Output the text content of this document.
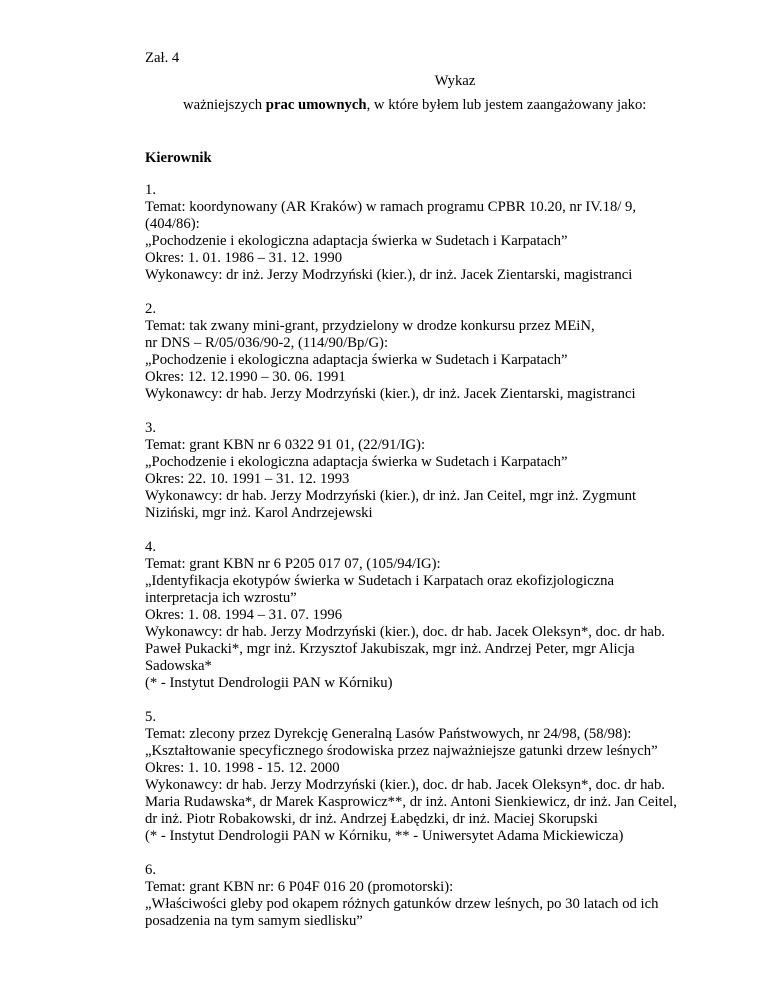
Zał. 4

Wykaz

ważniejszych prac umownych, w które byłem lub jestem zaangażowany jako:

Kierownik

1.

Temat: koordynowany (AR Kraków) w ramach programu CPBR 10.20, nr IV.18/ 9,

(404/86):

„Pochodzenie i ekologiczna adaptacja świerka w Sudetach i Karpatach”

Okres: 1. 01. 1986 – 31. 12. 1990

Wykonawcy: dr inż. Jerzy Modrzyński (kier.), dr inż. Jacek Zientarski, magistranci

2.

Temat: tak zwany mini-grant, przydzielony w drodze konkursu przez MEiN,

nr DNS – R/05/036/90-2, (114/90/Bp/G):

„Pochodzenie i ekologiczna adaptacja świerka w Sudetach i Karpatach”

Okres: 12. 12.1990 – 30. 06. 1991

Wykonawcy: dr hab. Jerzy Modrzyński (kier.), dr inż. Jacek Zientarski, magistranci

3.

Temat: grant KBN nr 6 0322 91 01, (22/91/IG):

„Pochodzenie i ekologiczna adaptacja świerka w Sudetach i Karpatach”

Okres: 22. 10. 1991 – 31. 12. 1993

Wykonawcy: dr hab. Jerzy Modrzyński (kier.), dr inż. Jan Ceitel, mgr inż. Zygmunt

Niziński, mgr inż. Karol Andrzejewski

4.

Temat: grant KBN nr 6 P205 017 07, (105/94/IG):

„Identyfikacja ekotypów świerka w Sudetach i Karpatach oraz ekofizjologiczna

interpretacja ich wzrostu”

Okres: 1. 08. 1994 – 31. 07. 1996

Wykonawcy: dr hab. Jerzy Modrzyński (kier.), doc. dr hab. Jacek Oleksyn*, doc. dr hab.

Paweł Pukacki*, mgr inż. Krzysztof Jakubiszak, mgr inż. Andrzej Peter, mgr Alicja

Sadowska*

(* - Instytut Dendrologii PAN w Kórniku)

5.

Temat: zlecony przez Dyrekcję Generalną Lasów Państwowych, nr 24/98, (58/98):

„Kształtowanie specyficznego środowiska przez najważniejsze gatunki drzew leśnych”

Okres: 1. 10. 1998 - 15. 12. 2000

Wykonawcy: dr hab. Jerzy Modrzyński (kier.), doc. dr hab. Jacek Oleksyn*, doc. dr hab.

Maria Rudawska*, dr Marek Kasprowicz**, dr inż. Antoni Sienkiewicz, dr inż. Jan Ceitel,

dr inż. Piotr Robakowski, dr inż. Andrzej Łabędzki, dr inż. Maciej Skorupski

(* - Instytut Dendrologii PAN w Kórniku, ** - Uniwersytet Adama Mickiewicza)

6.

Temat: grant KBN nr: 6 P04F 016 20 (promotorski):

„Właściwości gleby pod okapem różnych gatunków drzew leśnych, po 30 latach od ich

posadzenia na tym samym siedlisku”
